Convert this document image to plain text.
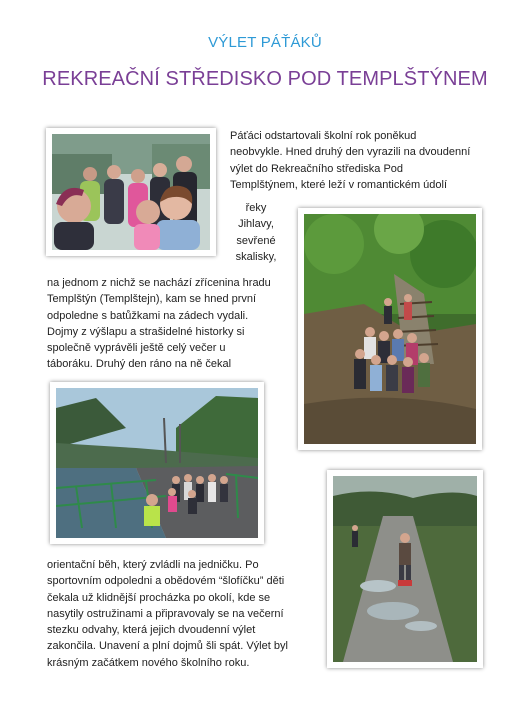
VÝLET PÁŤÁKŮ
REKREAČNÍ STŘEDISKO POD TEMPLŠTÝNEM
Páťáci odstartovali školní rok poněkud
neobvykle. Hned druhý den vyrazili na dvoudenní
výlet do Rekreačního střediska Pod
Templštýnem, které leží v romantickém údolí
řeky
Jihlavy,
sevřené
skalisky,
na jednom z nichž se nachází zřícenina hradu
Templštýn (Templštejn), kam se hned první
odpoledne s batůžkami na zádech vydali.
Dojmy z výšlapu a strašidelné historky si
společně vyprávěli ještě celý večer u
táboráku. Druhý den ráno na ně čekal
orientační běh, který zvládli na jedničku. Po
sportovním odpoledni a obědovém “šlofíčku” děti
čekala už klidnější procházka po okolí, kde se
nasytily ostružinami a připravovaly se na večerní
stezku odvahy, která jejich dvoudenní výlet
zakončila. Unavení a plní dojmů šli spát. Výlet byl
krásným začátkem nového školního roku.
